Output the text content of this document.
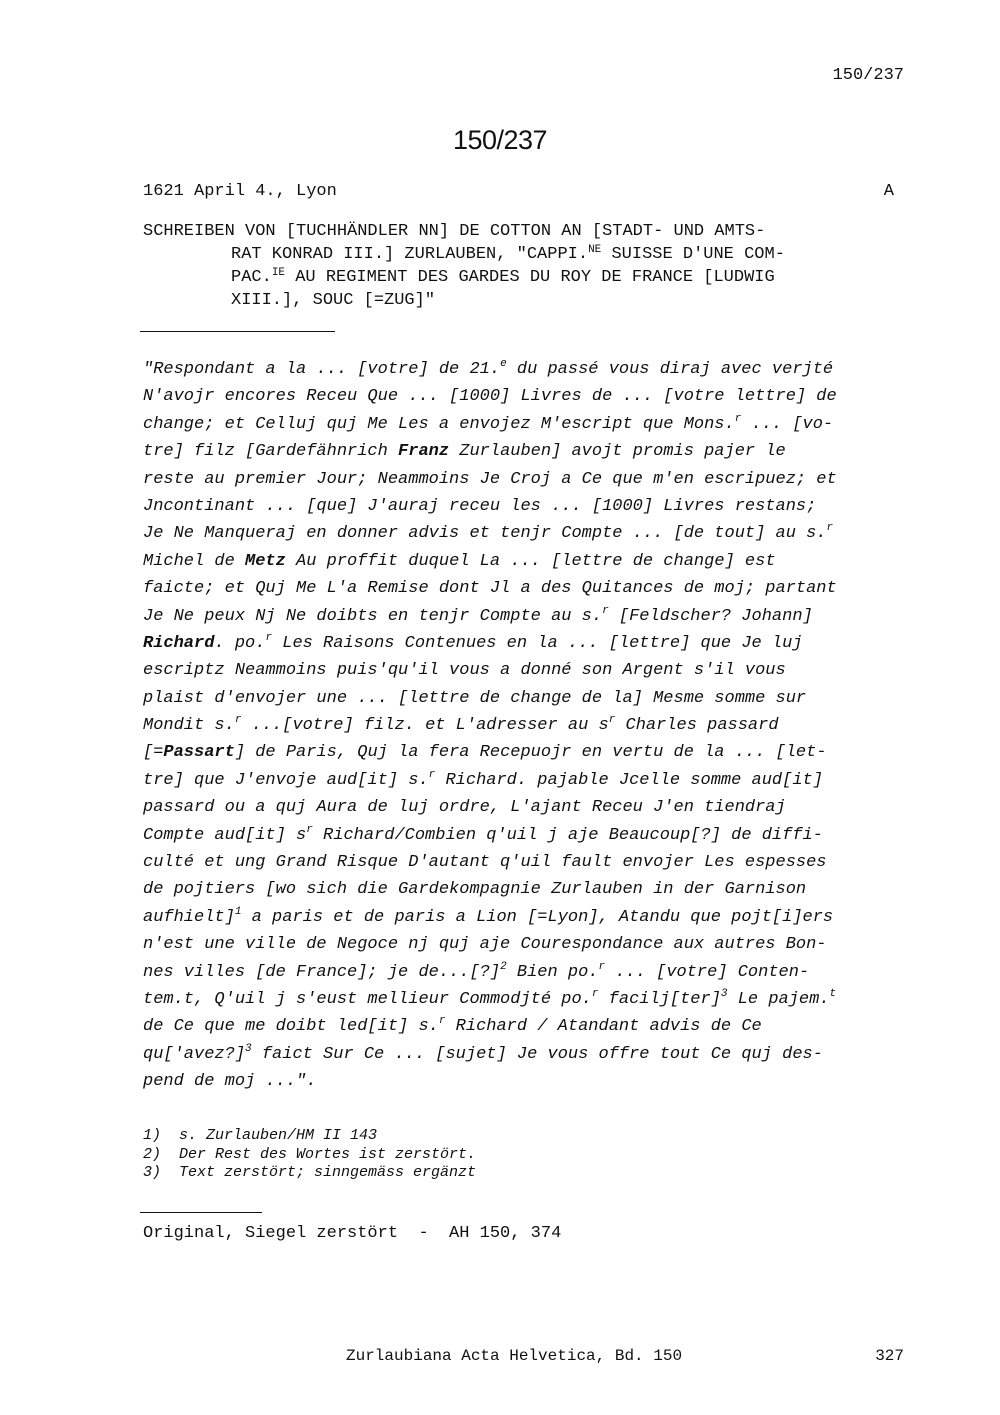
150/237
150/237
1621 April 4., Lyon	A
SCHREIBEN VON [TUCHHÄNDLER NN] DE COTTON AN [STADT- UND AMTS-
RAT KONRAD III.] ZURLAUBEN, "CAPPI.$^{NE}$ SUISSE D'UNE COM-
PAC.$^{IE}$ AU REGIMENT DES GARDES DU ROY DE FRANCE [LUDWIG
XIII.], SOUC [=ZUG]"
"Respondant a la ... [votre] de 21.$^e$ du passé vous diraj avec verjté
N'avojr encores Receu Que ... [1000] Livres de ... [votre lettre] de
change; et Celluj quj Me Les a envojez M'escript que Mons.$^r$ ... [vo-
tre] filz [Gardefähnrich Franz Zurlauben] avojt promis pajer le
reste au premier Jour; Neammoins Je Croj a Ce que m'en escripuez; et
Jncontinant ... [que] J'auraj receu les ... [1000] Livres restans;
Je Ne Manqueraj en donner advis et tenjr Compte ... [de tout] au s.$^r$
Michel de Metz Au proffit duquel La ... [lettre de change] est
faicte; et Quj Me L'a Remise dont Jl a des Quitances de moj; partant
Je Ne peux Nj Ne doibts en tenjr Compte au s.$^r$ [Feldscher? Johann]
Richard. po.$^r$ Les Raisons Contenues en la ... [lettre] que Je luj
escriptz Neammoins puis'qu'il vous a donné son Argent s'il vous
plaist d'envojer une ... [lettre de change de la] Mesme somme sur
Mondit s.$^r$ ...[votre] filz. et L'adresser au $s^r$ Charles passard
[=Passart] de Paris, Quj la fera Recepuojr en vertu de la ... [let-
tre] que J'envoje aud[it] s.$^r$ Richard. pajable Jcelle somme aud[it]
passard ou a quj Aura de luj ordre, L'ajant Receu J'en tiendraj
Compte aud[it] $s^r$ Richard/Combien q'uil j aje Beaucoup[?] de diffi-
culté et ung Grand Risque D'autant q'uil fault envojer Les espesses
de pojtiers [wo sich die Gardekompagnie Zurlauben in der Garnison
aufhielt]$^1$ a paris et de paris a Lion [=Lyon], Atandu que pojt[i]ers
n'est une ville de Negoce nj quj aje Courespondance aux autres Bon-
nes villes [de France]; je de...[?]$^2$ Bien po.$^r$ ... [votre] Conten-
tem.t, Q'uil j s'eust mellieur Commodjté po.$^r$ facilj[ter]$^3$ Le pajem.$^t$
de Ce que me doibt led[it] s.$^r$ Richard / Atandant advis de Ce
qu['avez?]$^3$ faict Sur Ce ... [sujet] Je vous offre tout Ce quj des-
pend de moj ...".
1)  s. Zurlauben/HM II 143
2)  Der Rest des Wortes ist zerstört.
3)  Text zerstört; sinngemäss ergänzt
Original, Siegel zerstört  -  AH 150, 374
Zurlaubiana Acta Helvetica, Bd. 150	327
